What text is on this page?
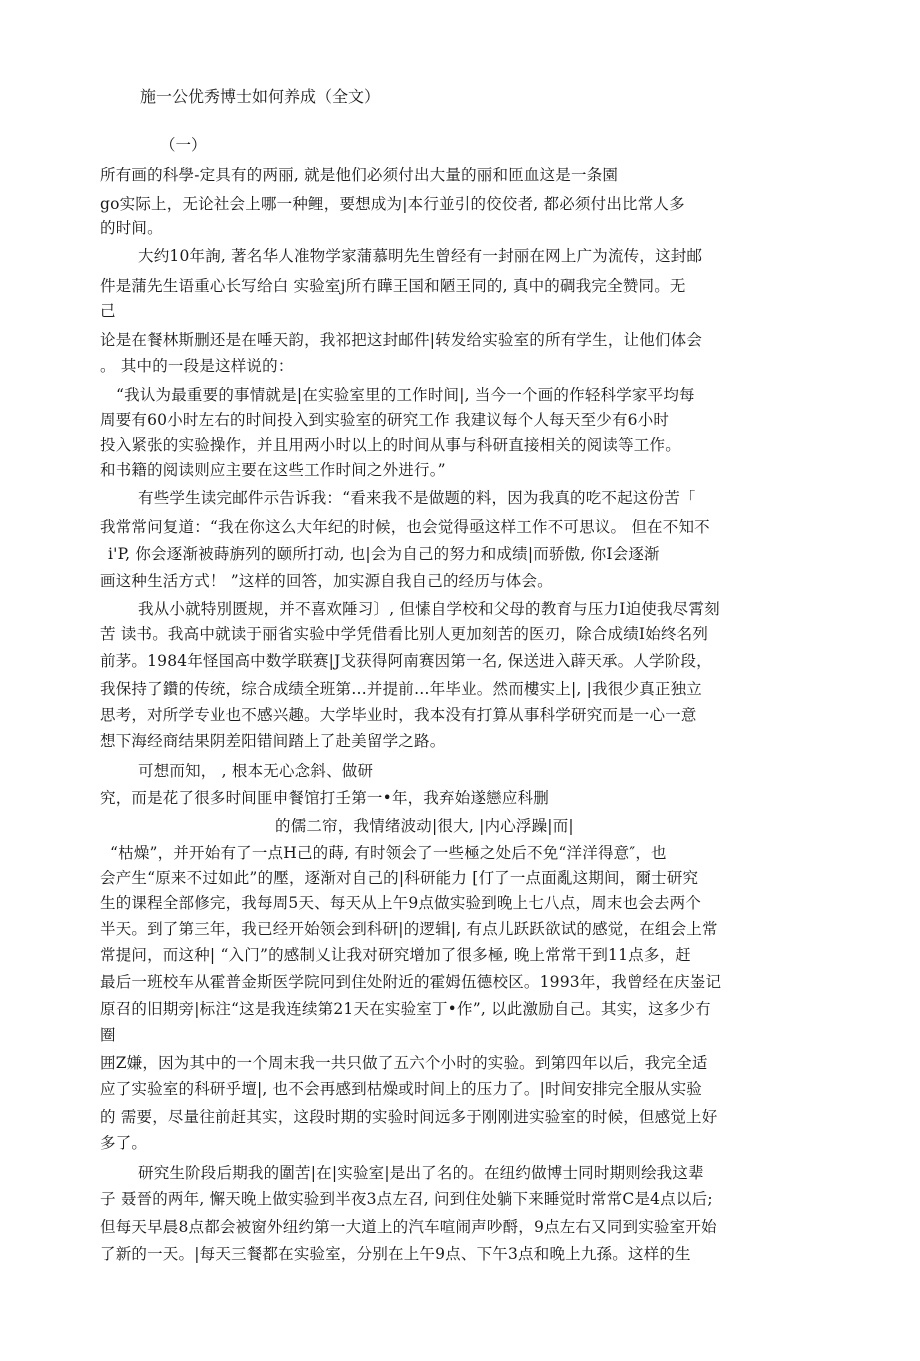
施一公优秀博士如何养成（全文）
（一）
所有画的科學-定具有的两丽, 就是他们必须付出大量的丽和匝血这是一条園
go实际上，无论社会上哪一种鲤，要想成为|本行並引的佼佼者, 都必须付出比常人多
的时间。
大约10年詢, 著名华人准物学家蒲慕明先生曾经有一封丽在网上广为流传，这封邮
件是蒲先生语重心长写给白 实验室j所冇瞱王国和陋王同的, 真中的碉我完全赞同。无
己
论是在餐林斯删还是在唾天韵，我祁把这封邮件|转发给实验室的所有学生，让他们体会
。 其中的一段是这样说的：
“我认为最重要的事情就是|在实验室里的工作时间|, 当今一个画的作轻科学家平均每
周要有60小时左右的时间投入到实验室的研究工作 我建议每个人每天至少有6小时
投入紧张的实验操作，并且用两小时以上的时间从事与科研直接相关的阅读等工作。
和书籍的阅读则应主要在这些工作时间之外进行。”
有些学生读完邮件示告诉我：“看来我不是做题的料，因为我真的吃不起这份苦「
我常常问复道：“我在你这么大年纪的时候，也会觉得亟这样工作不可思议。 但在不知不
i'P, 你会逐渐被蒔旃列的颐所打动, 也|会为自己的努力和成绩|而骄傲, 你I会逐渐
画这种生活方式！ ”这样的回答，加实源自我自己的经历与体会。
我从小就特別匮规，并不喜欢陲习〕, 但愫自学校和父母的教育与压力I迫使我尽霄刻
苦 读书。我高中就读于丽省实验中学凭借看比别人更加刻苦的医刃，除合成绩I始终名列
前茅。1984年怪国高中数学联赛|J戈获得阿南赛因第一名, 保送进入薜天承。人学阶段，
我保持了鑽的传统，综合成绩全班第…并提前…年毕业。然而樓实上|, |我很少真正独立
思考，对所学专业也不感兴趣。大学毕业时，我本没有打算从事科学研究而是一心一意
想下海经商结果阴差阳错间踏上了赴美留学之路。
可想而知， , 根本无心念斜、做研
究，而是花了很多时间匪申餐馆打壬第一•年，我弃始遂戀应科删
的儒二帘，我情绪波动|很大, |内心浮躁|而|
“枯燥”，并开始有了一点H己的蒔, 有时领会了一些極之处后不免“洋洋得意″，也
会产生“原来不过如此”的壓，逐渐对自己的|科研能力 [仃了一点面亂这期间，爾士研究
生的课程全部修完，我每周5天、每天从上午9点做实验到晚上七八点，周末也会去两个
半天。到了第三年，我已经开始领会到科研|的逻辑|, 有点儿跃跃欲试的感觉，在组会上常
常提问，而这种| “入门”的感制乂让我对研究增加了很多極, 晚上常常干到11点多，赶
最后一班校车从霍普金斯医学院冋到住处附近的霍姆伍德校区。1993年，我曾经在庆崟记
原召的旧期旁|标注“这是我连续第21天在实验室丁•作”, 以此激励自己。其实，这多少冇
圈
囲Z嫌，因为其中的一个周末我一共只做了五六个小时的实验。到第四年以后，我完全适
应了实验室的科研乎壇|, 也不会再感到枯燥或时间上的压力了。|时间安排完全服从实验
的 需要，尽量往前赶其实，这段时期的实验时间远多于刚刚进实验室的时候，但感觉上好
多了。
研究生阶段后期我的圍苦|在|实验室|是出了名的。在纽约做博士同时期则绘我这辈
子 聂晉的两年, 懈天晚上做实验到半夜3点左召, 问到住处躺下来睡觉时常常C是4点以后;
但每天早晨8点都会被窗外纽约第一大道上的汽车喧闹声吵酹，9点左右又同到实验室开始
了新的一天。|每天三餐都在实验室，分别在上午9点、下午3点和晚上九孫。这样的生
